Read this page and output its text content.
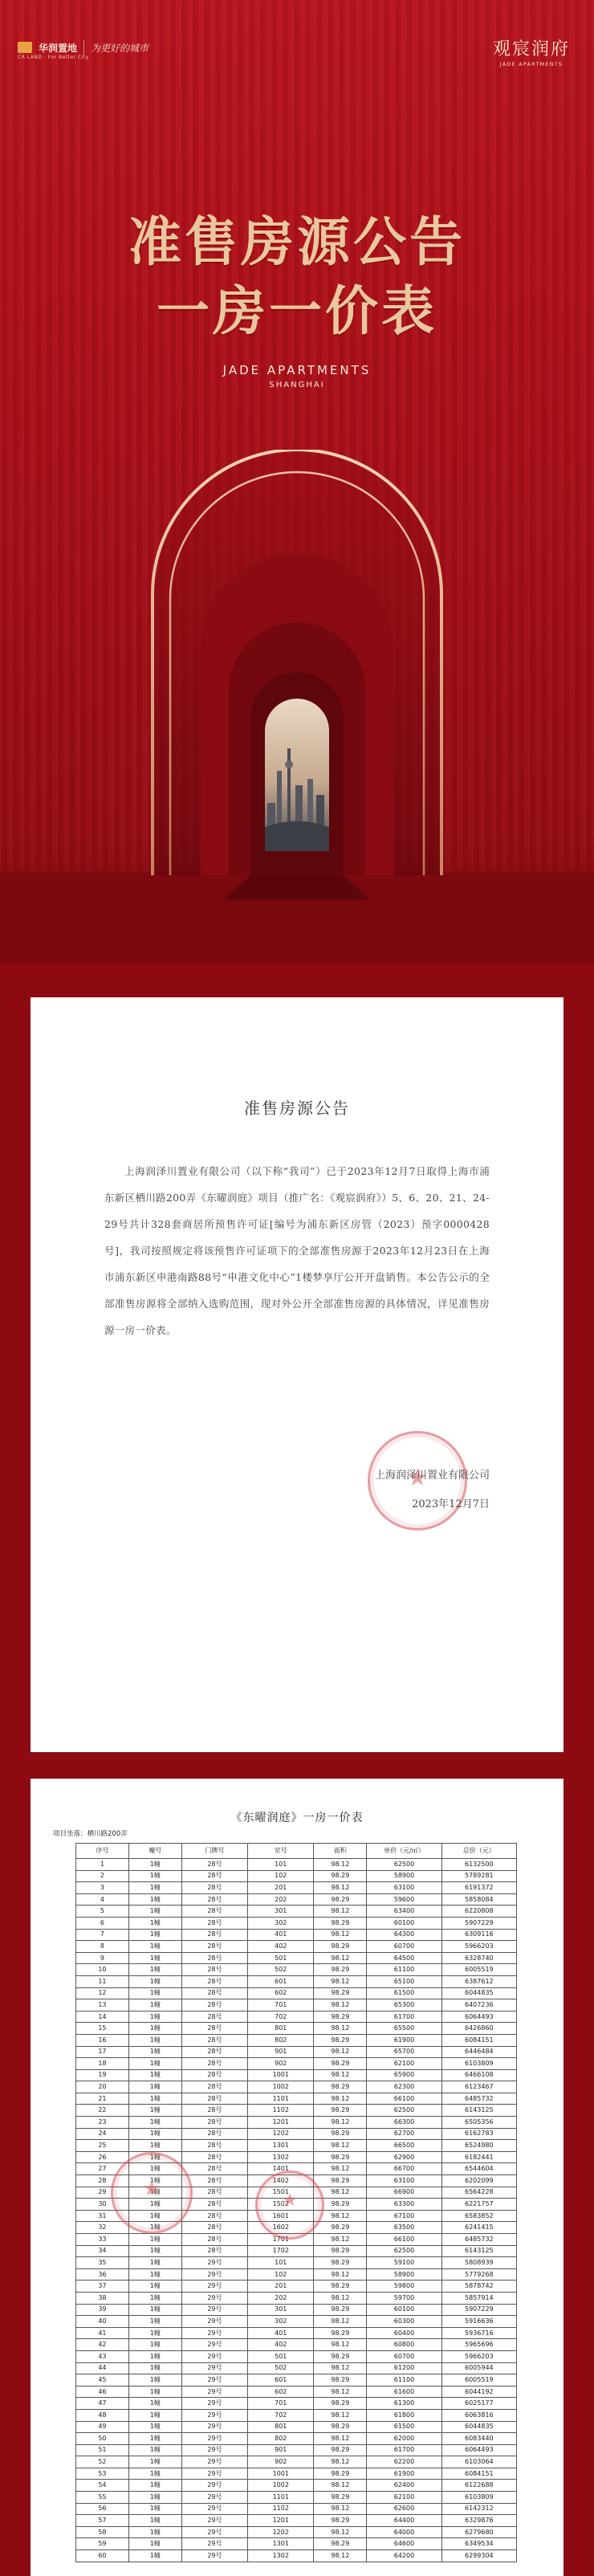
华润置地 为更好的城市
CR LAND · For Better City	观宸润府
JADE APARTMENTS
准售房源公告
一房一价表
JADE APARTMENTS
SHANGHAI
准售房源公告

上海润泽川置业有限公司（以下称“我司”）已于2023年12月7日取得上海市浦东新区栖川路200弄《东曜润庭》项目（推广名：《观宸润府》）5、6、20、21、24-29号共计328套商居所预售许可证[编号为浦东新区房管（2023）预字0000428号]，我司按照规定将该预售许可证项下的全部准售房源于2023年12月23日在上海市浦东新区申港南路88号“申港文化中心”1楼梦享厅公开开盘销售。本公告公示的全部准售房源将全部纳入选购范围，现对外公开全部准售房源的具体情况，详见准售房源一房一价表。

★
上海润泽川置业有限公司
2023年12月7日
《东曜润庭》一房一价表
项目坐落：栖川路200弄
序号	幢号	门牌号	室号	面积	单价（元/㎡）	总价（元）
1	1幢	28号	101	98.12	62500	6132500
2	1幢	28号	102	98.29	58900	5789281
3	1幢	28号	201	98.12	63100	6191372
4	1幢	28号	202	98.29	59600	5858084
5	1幢	28号	301	98.12	63400	6220808
6	1幢	28号	302	98.29	60100	5907229
7	1幢	28号	401	98.12	64300	6309116
8	1幢	28号	402	98.29	60700	5966203
9	1幢	28号	501	98.12	64500	6328740
10	1幢	28号	502	98.29	61100	6005519
11	1幢	28号	601	98.12	65100	6387612
12	1幢	28号	602	98.29	61500	6044835
13	1幢	28号	701	98.12	65300	6407236
14	1幢	28号	702	98.29	61700	6064493
15	1幢	28号	801	98.12	65500	6426860
16	1幢	28号	802	98.29	61900	6084151
17	1幢	28号	901	98.12	65700	6446484
18	1幢	28号	902	98.29	62100	6103809
19	1幢	28号	1001	98.12	65900	6466108
20	1幢	28号	1002	98.29	62300	6123467
21	1幢	28号	1101	98.12	66100	6485732
22	1幢	28号	1102	98.29	62500	6143125
23	1幢	28号	1201	98.12	66300	6505356
24	1幢	28号	1202	98.29	62700	6162783
25	1幢	28号	1301	98.12	66500	6524980
26	1幢	28号	1302	98.29	62900	6182441
27	1幢	28号	1401	98.12	66700	6544604
28	1幢	28号	1402	98.29	63100	6202099
29	1幢	28号	1501	98.12	66900	6564228
30	1幢	28号	1502	98.29	63300	6221757
31	1幢	28号	1601	98.12	67100	6583852
32	1幢	28号	1602	98.29	63500	6241415
33	1幢	28号	1701	98.12	66100	6485732
34	1幢	28号	1702	98.29	62500	6143125
35	1幢	29号	101	98.29	59100	5808939
36	1幢	29号	102	98.12	58900	5779268
37	1幢	29号	201	98.29	59800	5878742
38	1幢	29号	202	98.12	59700	5857914
39	1幢	29号	301	98.29	60100	5907229
40	1幢	29号	302	98.12	60300	5916636
41	1幢	29号	401	98.29	60400	5936716
42	1幢	29号	402	98.12	60800	5965696
43	1幢	29号	501	98.29	60700	5966203
44	1幢	29号	502	98.12	61200	6005944
45	1幢	29号	601	98.29	61100	6005519
46	1幢	29号	602	98.12	61600	6044192
47	1幢	29号	701	98.29	61300	6025177
48	1幢	29号	702	98.12	61800	6063816
49	1幢	29号	801	98.29	61500	6044835
50	1幢	29号	802	98.12	62000	6083440
51	1幢	29号	901	98.29	61700	6064493
52	1幢	29号	902	98.12	62200	6103064
53	1幢	29号	1001	98.29	61900	6084151
54	1幢	29号	1002	98.12	62400	6122688
55	1幢	29号	1101	98.29	62100	6103809
56	1幢	29号	1102	98.12	62600	6142312
57	1幢	29号	1201	98.29	64400	6329876
58	1幢	29号	1202	98.12	64000	6279680
59	1幢	29号	1301	98.29	64600	6349534
60	1幢	29号	1302	98.12	64200	6299304
★
★
